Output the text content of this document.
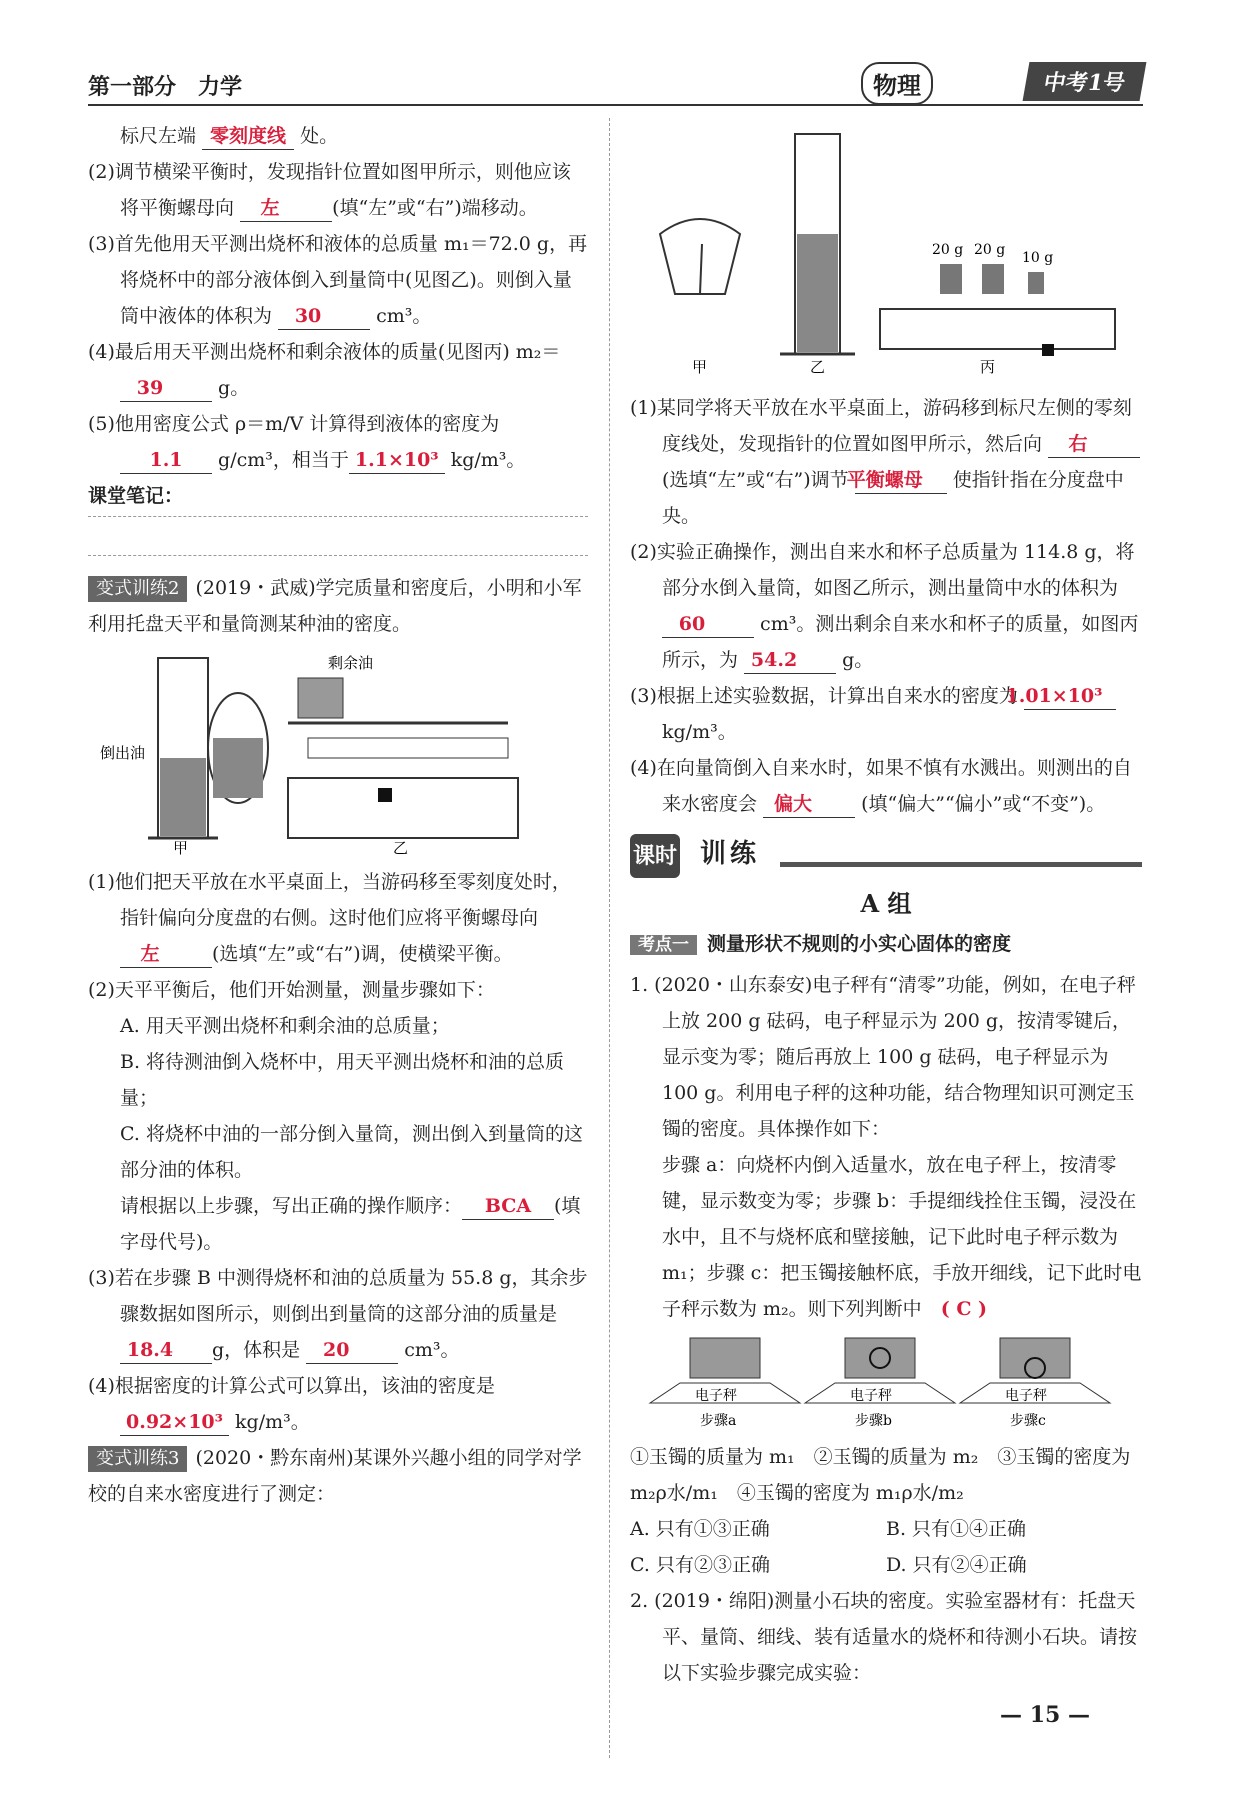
第一部分　力学	物理	中考1号

标尺左端 零刻度线 处。

(2)调节横梁平衡时，发现指针位置如图甲所示，则他应该将平衡螺母向 左	(填“左”或“右”)端移动。

(3)首先他用天平测出烧杯和液体的总质量 m₁＝72.0 g，再将烧杯中的部分液体倒入到量筒中(见图乙)。则倒入量筒中液体的体积为 30	cm³。

(4)最后用天平测出烧杯和剩余液体的质量(见图丙) m₂＝39	g。

(5)他用密度公式 ρ＝m/V 计算得到液体的密度为

1.1 g/cm³，相当于 1.1×10³ kg/m³。

课堂笔记：

变式训练2 (2019・武威)学完质量和密度后，小明和小军利用托盘天平和量筒测某种油的密度。

倒出油
甲
剩余油
乙

(1)他们把天平放在水平桌面上，当游码移至零刻度处时，指针偏向分度盘的右侧。这时他们应将平衡螺母向 左	(选填“左”或“右”)调，使横梁平衡。

(2)天平平衡后，他们开始测量，测量步骤如下：

A. 用天平测出烧杯和剩余油的总质量；

B. 将待测油倒入烧杯中，用天平测出烧杯和油的总质量；

C. 将烧杯中油的一部分倒入量筒，测出倒入到量筒的这部分油的体积。

请根据以上步骤，写出正确的操作顺序： BCA (填字母代号)。

(3)若在步骤 B 中测得烧杯和油的总质量为 55.8 g，其余步骤数据如图所示，则倒出到量筒的这部分油的质量是 18.4 g，体积是 20	cm³。

(4)根据密度的计算公式可以算出，该油的密度是

0.92×10³ kg/m³。

变式训练3 (2020・黔东南州)某课外兴趣小组的同学对学校的自来水密度进行了测定：

甲	乙
20 g 20 g 10 g
丙

(1)某同学将天平放在水平桌面上，游码移到标尺左侧的零刻度线处，发现指针的位置如图甲所示，然后向 右(选填“左”或“右”)调节 平衡螺母 使指针指在分度盘中央。

(2)实验正确操作，测出自来水和杯子总质量为 114.8 g，将部分水倒入量筒，如图乙所示，测出量筒中水的体积为 60	cm³。测出剩余自来水和杯子的质量，如图丙所示，为 54.2 g。

(3)根据上述实验数据，计算出自来水的密度为 1.01×10³ kg/m³。

(4)在向量筒倒入自来水时，如果不慎有水溅出。则测出的自来水密度会 偏大	(填“偏大”“偏小”或“不变”)。

课时 训练
A 组
考点一 测量形状不规则的小实心固体的密度

1. (2020・山东泰安)电子秤有“清零”功能，例如，在电子秤上放 200 g 砝码，电子秤显示为 200 g，按清零键后，显示变为零；随后再放上 100 g 砝码，电子秤显示为 100 g。利用电子秤的这种功能，结合物理知识可测定玉镯的密度。具体操作如下：

步骤 a：向烧杯内倒入适量水，放在电子秤上，按清零键，显示数变为零；步骤 b：手提细线拴住玉镯，浸没在水中，且不与烧杯底和壁接触，记下此时电子秤示数为 m₁；步骤 c：把玉镯接触杯底，手放开细线，记下此时电子秤示数为 m₂。则下列判断中　 ( C )

电子秤
步骤a
电子秤
步骤b
电子秤
步骤c

①玉镯的质量为 m₁　②玉镯的质量为 m₂　③玉镯的密度为 m₂ρ水/m₁　④玉镯的密度为 m₁ρ水/m₂

A. 只有①③正确	B. 只有①④正确
C. 只有②③正确	D. 只有②④正确

2. (2019・绵阳)测量小石块的密度。实验室器材有：托盘天平、量筒、细线、装有适量水的烧杯和待测小石块。请按以下实验步骤完成实验：

— 15 —
